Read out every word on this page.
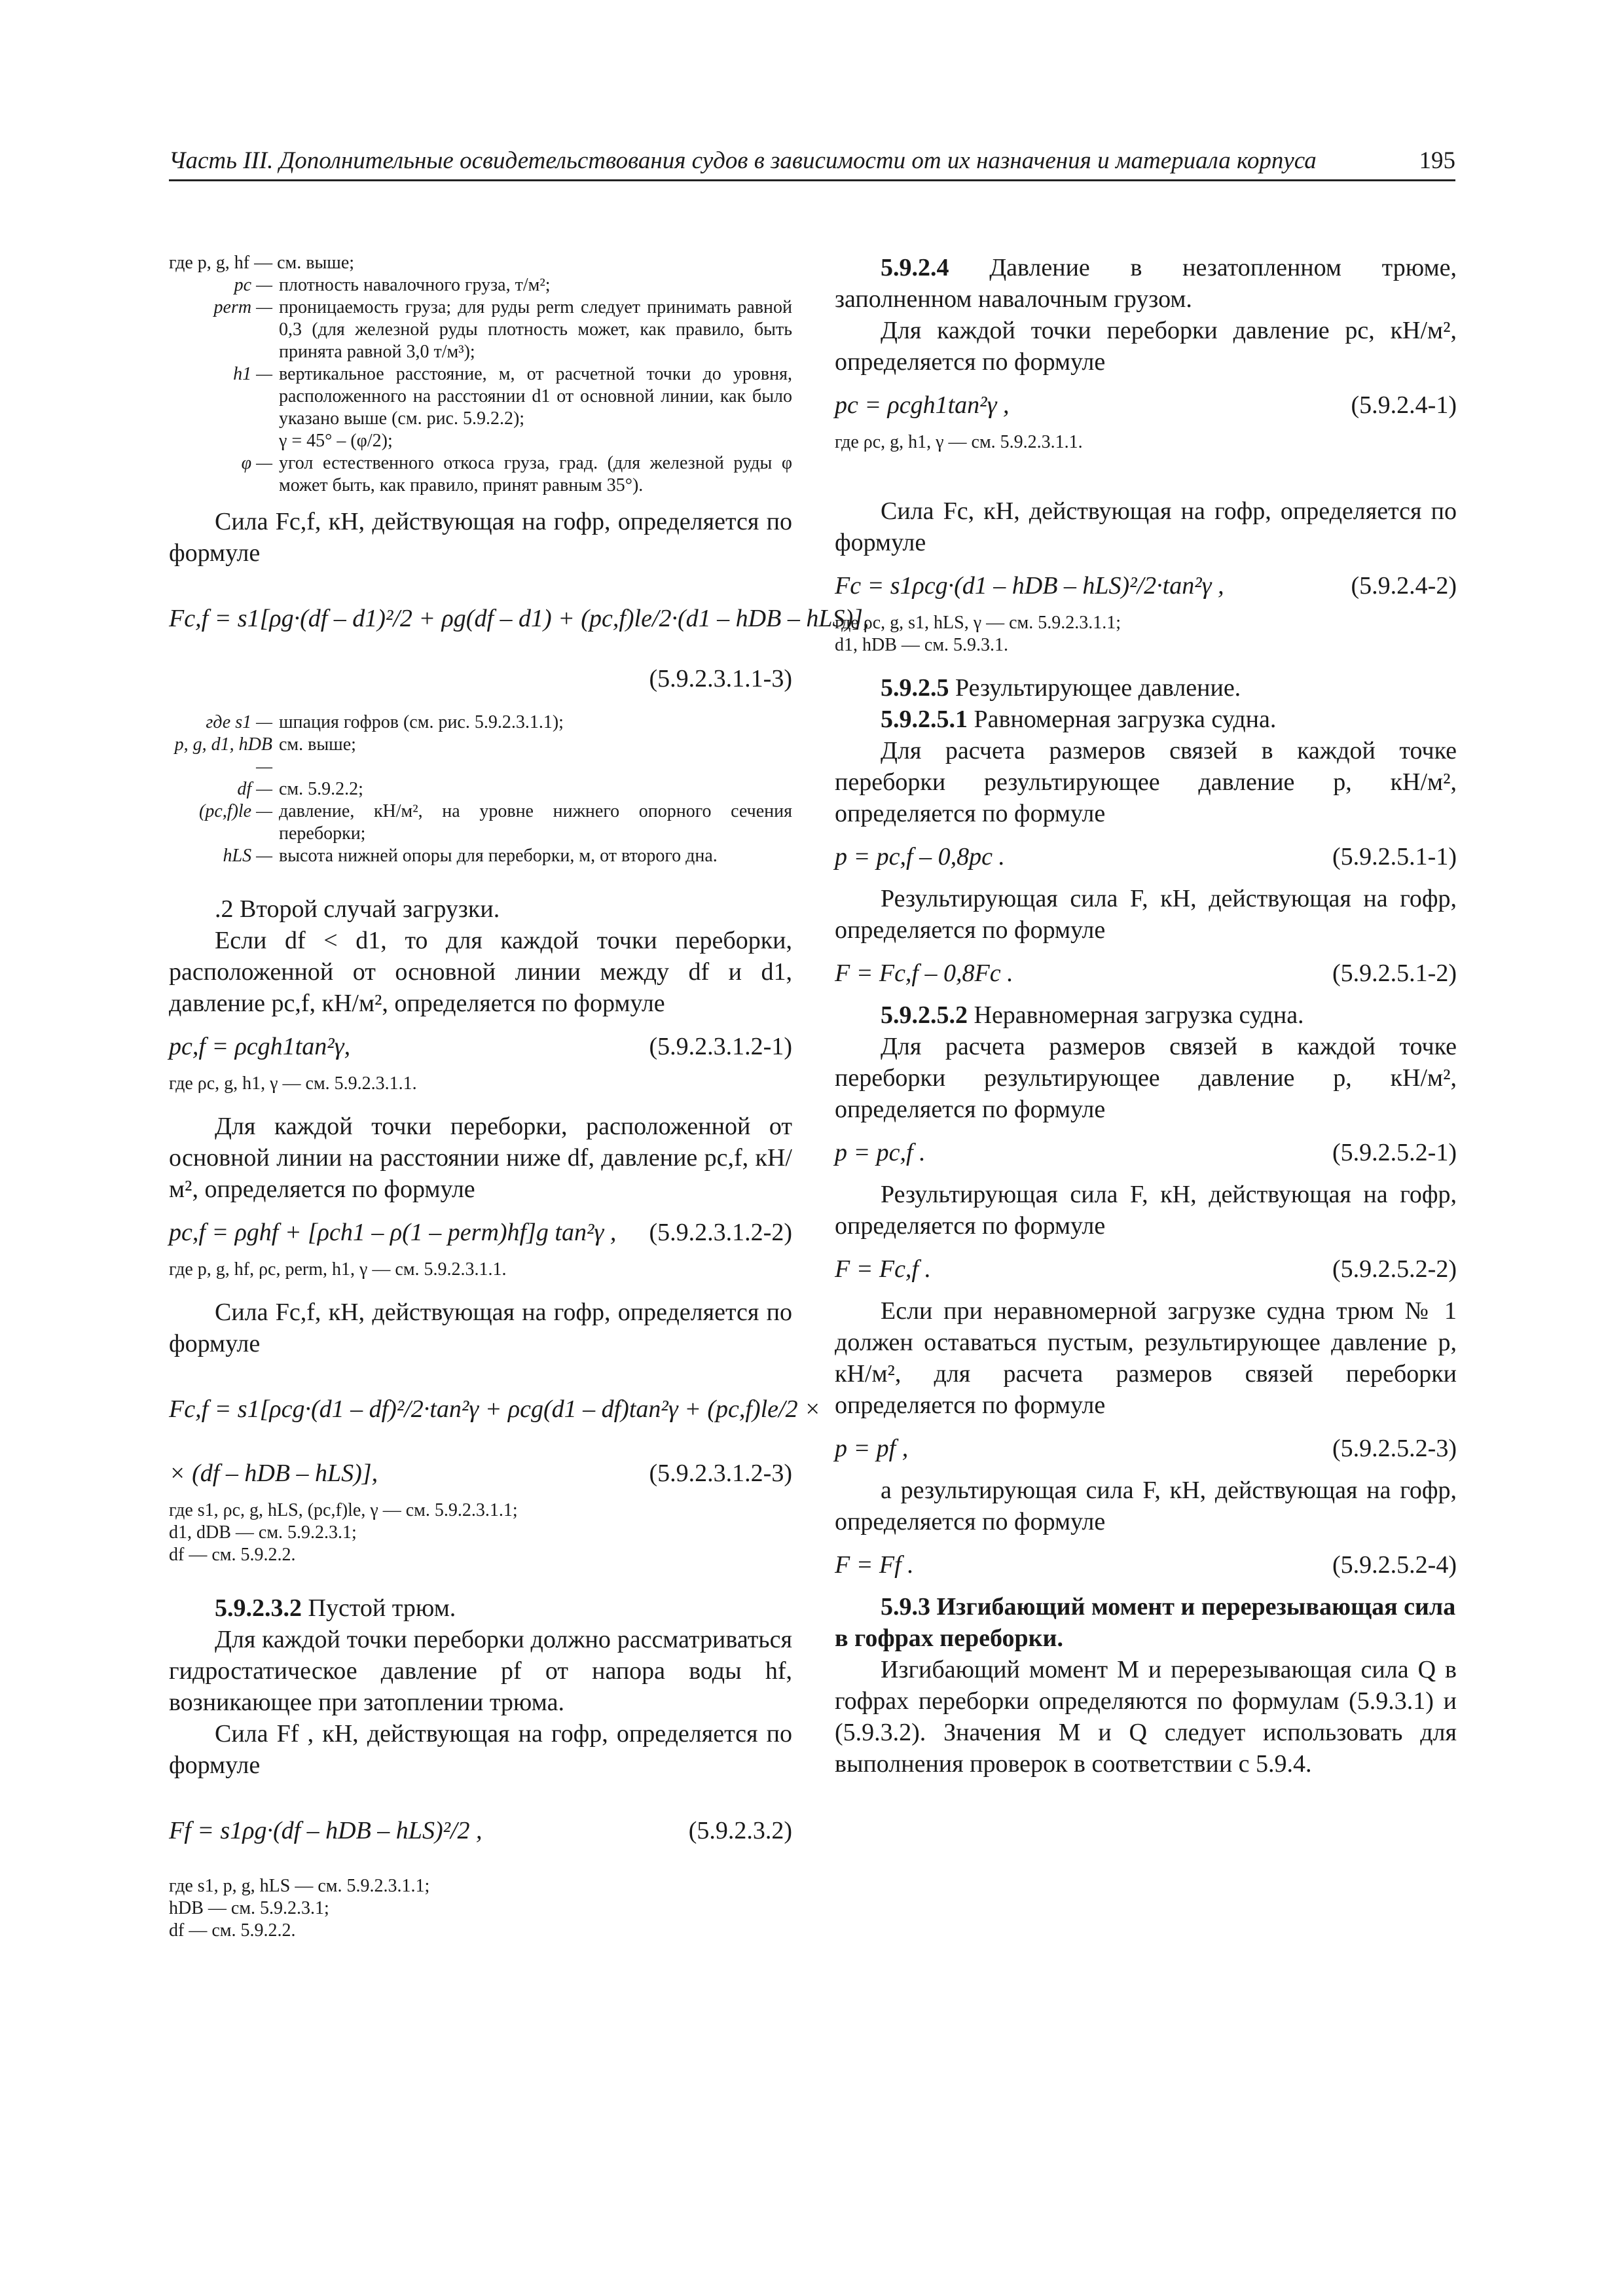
Часть III. Дополнительные освидетельствования судов в зависимости от их назначения и материала корпуса	195

где p, g, hf — см. выше;

pc — плотность навалочного груза, т/м²;
perm — проницаемость груза; для руды perm следует принимать равной 0,3 (для железной руды плотность может, как правило, быть принята равной 3,0 т/м³);
h1 — вертикальное расстояние, м, от расчетной точки до уровня, расположенного на расстоянии d1 от основной линии, как было указано выше (см. рис. 5.9.2.2);
γ = 45° – (φ/2);
φ — угол естественного откоса груза, град. (для железной руды φ может быть, как правило, принят равным 35°).

Сила Fc,f, кН, действующая на гофр, определяется по формуле

Fc,f = s1[ρg·(df – d1)²/2 + ρg(df – d1) + (pc,f)le/2·(d1 – hDB – hLS)],
(5.9.2.3.1.1-3)
где s1 — шпация гофров (см. рис. 5.9.2.3.1.1);
p, g, d1, hDB —
см. выше;
df — см. 5.9.2.2;
(pc,f)le — давление, кН/м², на уровне нижнего опорного сечения переборки;
hLS — высота нижней опоры для переборки, м, от второго дна.

.2 Второй случай загрузки.

Если df < d1, то для каждой точки переборки, расположенной от основной линии между df и d1, давление pc,f, кН/м², определяется по формуле

pc,f = ρcgh1tan²γ,	(5.9.2.3.1.2-1)

где ρc, g, h1, γ — см. 5.9.2.3.1.1.

Для каждой точки переборки, расположенной от основной линии на расстоянии ниже df, давление pc,f, кН/м², определяется по формуле

pc,f = ρghf + [ρch1 – ρ(1 – perm)hf]g tan²γ , (5.9.2.3.1.2-2)

где p, g, hf, ρc, perm, h1, γ — см. 5.9.2.3.1.1.

Сила Fc,f, кН, действующая на гофр, определяется по формуле

Fc,f = s1[ρcg·(d1 – df)²/2·tan²γ + ρcg(d1 – df)tan²γ + (pc,f)le/2 ×
× (df – hDB – hLS)],	(5.9.2.3.1.2-3)

где s1, ρc, g, hLS, (pc,f)le, γ — см. 5.9.2.3.1.1;

d1, dDB — см. 5.9.2.3.1;

df — см. 5.9.2.2.

5.9.2.3.2 Пустой трюм.

Для каждой точки переборки должно рассматриваться гидростатическое давление pf от напора воды hf, возникающее при затоплении трюма.

Сила Ff , кН, действующая на гофр, определяется по формуле

Ff = s1ρg·(df – hDB – hLS)²/2 ,	(5.9.2.3.2)

где s1, p, g, hLS — см. 5.9.2.3.1.1;

hDB — см. 5.9.2.3.1;

df — см. 5.9.2.2.

5.9.2.4 Давление в незатопленном трюме, заполненном навалочным грузом.

Для каждой точки переборки давление pc, кН/м², определяется по формуле

pc = ρcgh1tan²γ ,	(5.9.2.4-1)

где ρc, g, h1, γ — см. 5.9.2.3.1.1.

Сила Fc, кН, действующая на гофр, определяется по формуле

Fc = s1ρcg·(d1 – hDB – hLS)²/2·tan²γ ,	(5.9.2.4-2)

где ρc, g, s1, hLS, γ — см. 5.9.2.3.1.1;

d1, hDB — см. 5.9.3.1.

5.9.2.5 Результирующее давление.

5.9.2.5.1 Равномерная загрузка судна.

Для расчета размеров связей в каждой точке переборки результирующее давление p, кН/м², определяется по формуле

p = pc,f – 0,8pc .	(5.9.2.5.1-1)

Результирующая сила F, кН, действующая на гофр, определяется по формуле

F = Fc,f – 0,8Fc .	(5.9.2.5.1-2)

5.9.2.5.2 Неравномерная загрузка судна.

Для расчета размеров связей в каждой точке переборки результирующее давление p, кН/м², определяется по формуле

p = pc,f .	(5.9.2.5.2-1)

Результирующая сила F, кН, действующая на гофр, определяется по формуле

F = Fc,f .	(5.9.2.5.2-2)

Если при неравномерной загрузке судна трюм № 1 должен оставаться пустым, результирующее давление p, кН/м², для расчета размеров связей переборки определяется по формуле

p = pf ,	(5.9.2.5.2-3)

а результирующая сила F, кН, действующая на гофр, определяется по формуле

F = Ff .	(5.9.2.5.2-4)

5.9.3 Изгибающий момент и перерезывающая сила в гофрах переборки.

Изгибающий момент M и перерезывающая сила Q в гофрах переборки определяются по формулам (5.9.3.1) и (5.9.3.2). Значения M и Q следует использовать для выполнения проверок в соответствии с 5.9.4.
